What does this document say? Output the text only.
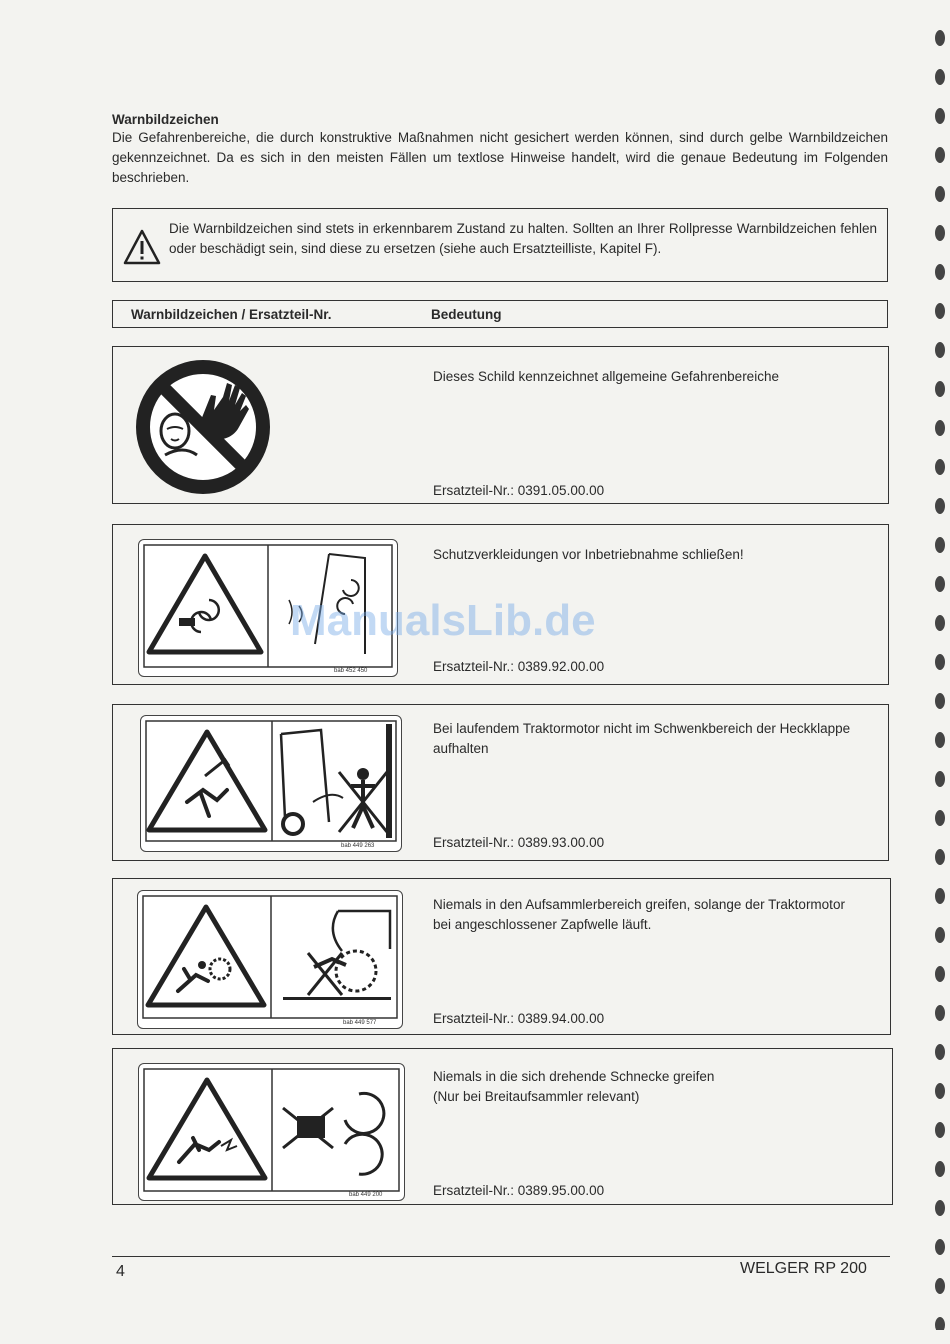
Warnbildzeichen
Die Gefahrenbereiche, die durch konstruktive Maßnahmen nicht gesichert werden können, sind durch gelbe Warnbildzeichen gekennzeichnet. Da es sich in den meisten Fällen um textlose Hinweise handelt, wird die genaue Bedeutung im Folgenden beschrieben.
Die Warnbildzeichen sind stets in erkennbarem Zustand zu halten. Sollten an Ihrer Rollpresse Warnbildzeichen fehlen oder beschädigt sein, sind diese zu ersetzen (siehe auch Ersatzteilliste, Kapitel F).
Warnbildzeichen / Ersatzteil-Nr.	Bedeutung
Dieses Schild kennzeichnet allgemeine Gefahrenbereiche
Ersatzteil-Nr.: 0391.05.00.00
bab 452 450
Schutzverkleidungen vor Inbetriebnahme schließen!
Ersatzteil-Nr.: 0389.92.00.00
bab 449 263
Bei laufendem Traktormotor nicht im Schwenkbereich der Heckklappe aufhalten
Ersatzteil-Nr.: 0389.93.00.00
bab 449 577
Niemals in den Aufsammlerbereich greifen, solange der Traktormotor bei angeschlossener Zapfwelle läuft.
Ersatzteil-Nr.: 0389.94.00.00
bab 449 200
Niemals in die sich drehende Schnecke greifen
(Nur bei Breitaufsammler relevant)
Ersatzteil-Nr.: 0389.95.00.00
ManualsLib.de
4	WELGER RP 200
